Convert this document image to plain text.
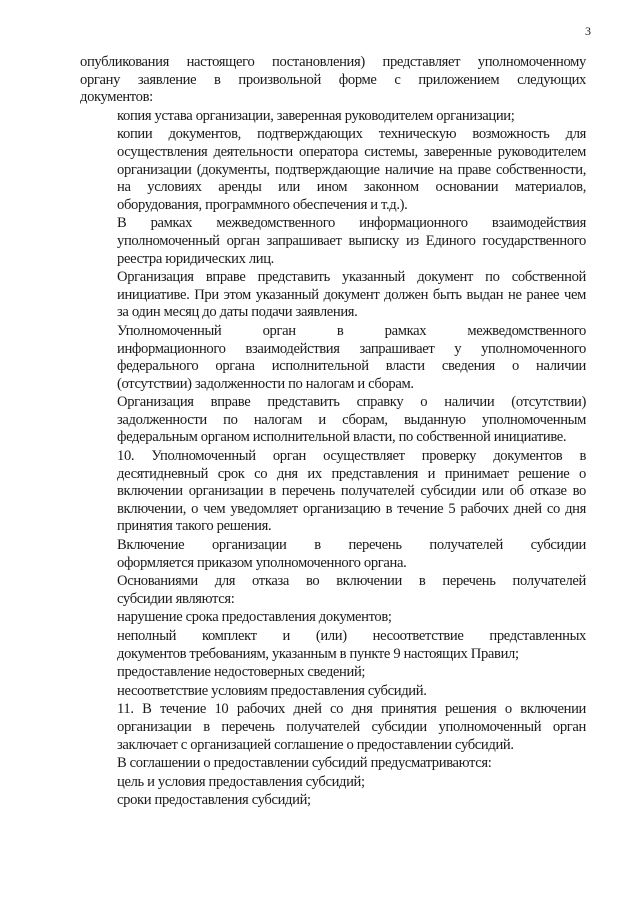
3
опубликования настоящего постановления) представляет уполномоченному
органу заявление в произвольной форме с приложением следующих
документов:
копия устава организации, заверенная руководителем организации;
копии документов, подтверждающих техническую возможность для
осуществления деятельности оператора системы, заверенные руководителем
организации (документы, подтверждающие наличие на праве собственности,
на условиях аренды или ином законном основании материалов,
оборудования, программного обеспечения и т.д.).
В рамках межведомственного информационного взаимодействия
уполномоченный орган запрашивает выписку из Единого государственного
реестра юридических лиц.
Организация вправе представить указанный документ по собственной
инициативе. При этом указанный документ должен быть выдан не ранее чем
за один месяц до даты подачи заявления.
Уполномоченный орган в рамках межведомственного
информационного взаимодействия запрашивает у уполномоченного
федерального органа исполнительной власти сведения о наличии
(отсутствии) задолженности по налогам и сборам.
Организация вправе представить справку о наличии (отсутствии)
задолженности по налогам и сборам, выданную уполномоченным
федеральным органом исполнительной власти, по собственной инициативе.
10. Уполномоченный орган осуществляет проверку документов в
десятидневный срок со дня их представления и принимает решение о
включении организации в перечень получателей субсидии или об отказе во
включении, о чем уведомляет организацию в течение 5 рабочих дней со дня
принятия такого решения.
Включение организации в перечень получателей субсидии
оформляется приказом уполномоченного органа.
Основаниями для отказа во включении в перечень получателей
субсидии являются:
нарушение срока предоставления документов;
неполный комплект и (или) несоответствие представленных
документов требованиям, указанным в пункте 9 настоящих Правил;
предоставление недостоверных сведений;
несоответствие условиям предоставления субсидий.
11. В течение 10 рабочих дней со дня принятия решения о включении
организации в перечень получателей субсидии уполномоченный орган
заключает с организацией соглашение о предоставлении субсидий.
В соглашении о предоставлении субсидий предусматриваются:
цель и условия предоставления субсидий;
сроки предоставления субсидий;
